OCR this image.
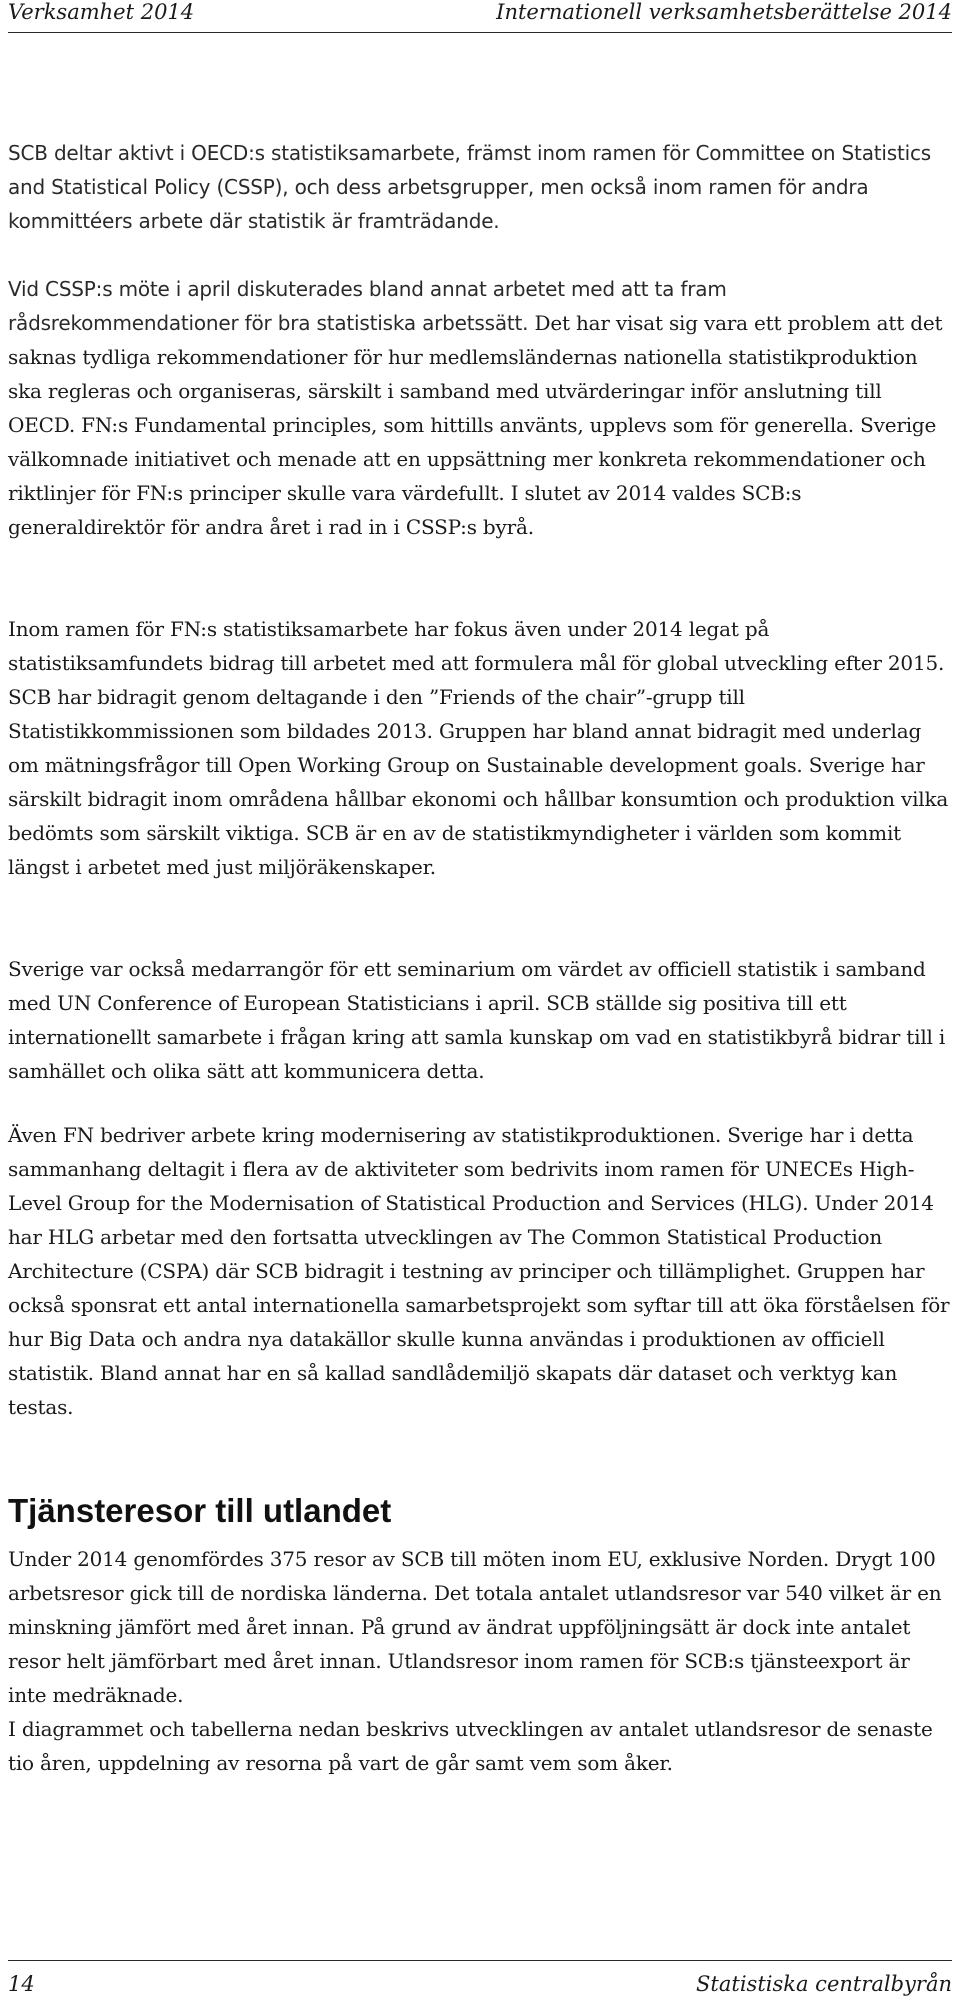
Verksamhet 2014	Internationell verksamhetsberättelse 2014

SCB deltar aktivt i OECD:s statistiksamarbete, främst inom ramen för Committee on Statistics and Statistical Policy (CSSP), och dess arbetsgrupper, men också inom ramen för andra kommittéers arbete där statistik är framträdande.

Vid CSSP:s möte i april diskuterades bland annat arbetet med att ta fram rådsrekommendationer för bra statistiska arbetssätt. Det har visat sig vara ett problem att det saknas tydliga rekommendationer för hur medlemsländernas nationella statistikproduktion ska regleras och organiseras, särskilt i samband med utvärderingar inför anslutning till OECD. FN:s Fundamental principles, som hittills använts, upplevs som för generella. Sverige välkomnade initiativet och menade att en uppsättning mer konkreta rekommendationer och riktlinjer för FN:s principer skulle vara värdefullt. I slutet av 2014 valdes SCB:s generaldirektör för andra året i rad in i CSSP:s byrå.

Inom ramen för FN:s statistiksamarbete har fokus även under 2014 legat på statistiksamfundets bidrag till arbetet med att formulera mål för global utveckling efter 2015. SCB har bidragit genom deltagande i den ”Friends of the chair”-grupp till Statistikkommissionen som bildades 2013. Gruppen har bland annat bidragit med underlag om mätningsfrågor till Open Working Group on Sustainable development goals. Sverige har särskilt bidragit inom områdena hållbar ekonomi och hållbar konsumtion och produktion vilka bedömts som särskilt viktiga. SCB är en av de statistikmyndigheter i världen som kommit längst i arbetet med just miljöräkenskaper.

Sverige var också medarrangör för ett seminarium om värdet av officiell statistik i samband med UN Conference of European Statisticians i april. SCB ställde sig positiva till ett internationellt samarbete i frågan kring att samla kunskap om vad en statistikbyrå bidrar till i samhället och olika sätt att kommunicera detta.

Även FN bedriver arbete kring modernisering av statistikproduktionen. Sverige har i detta sammanhang deltagit i flera av de aktiviteter som bedrivits inom ramen för UNECEs High-Level Group for the Modernisation of Statistical Production and Services (HLG). Under 2014 har HLG arbetar med den fortsatta utvecklingen av The Common Statistical Production Architecture (CSPA) där SCB bidragit i testning av principer och tillämplighet. Gruppen har också sponsrat ett antal internationella samarbetsprojekt som syftar till att öka förståelsen för hur Big Data och andra nya datakällor skulle kunna användas i produktionen av officiell statistik. Bland annat har en så kallad sandlådemiljö skapats där dataset och verktyg kan testas.

Tjänsteresor till utlandet

Under 2014 genomfördes 375 resor av SCB till möten inom EU, exklusive Norden. Drygt 100 arbetsresor gick till de nordiska länderna. Det totala antalet utlandsresor var 540 vilket är en minskning jämfört med året innan. På grund av ändrat uppföljningsätt är dock inte antalet resor helt jämförbart med året innan. Utlandsresor inom ramen för SCB:s tjänsteexport är inte medräknade.

I diagrammet och tabellerna nedan beskrivs utvecklingen av antalet utlandsresor de senaste tio åren, uppdelning av resorna på vart de går samt vem som åker.

14	Statistiska centralbyrån
